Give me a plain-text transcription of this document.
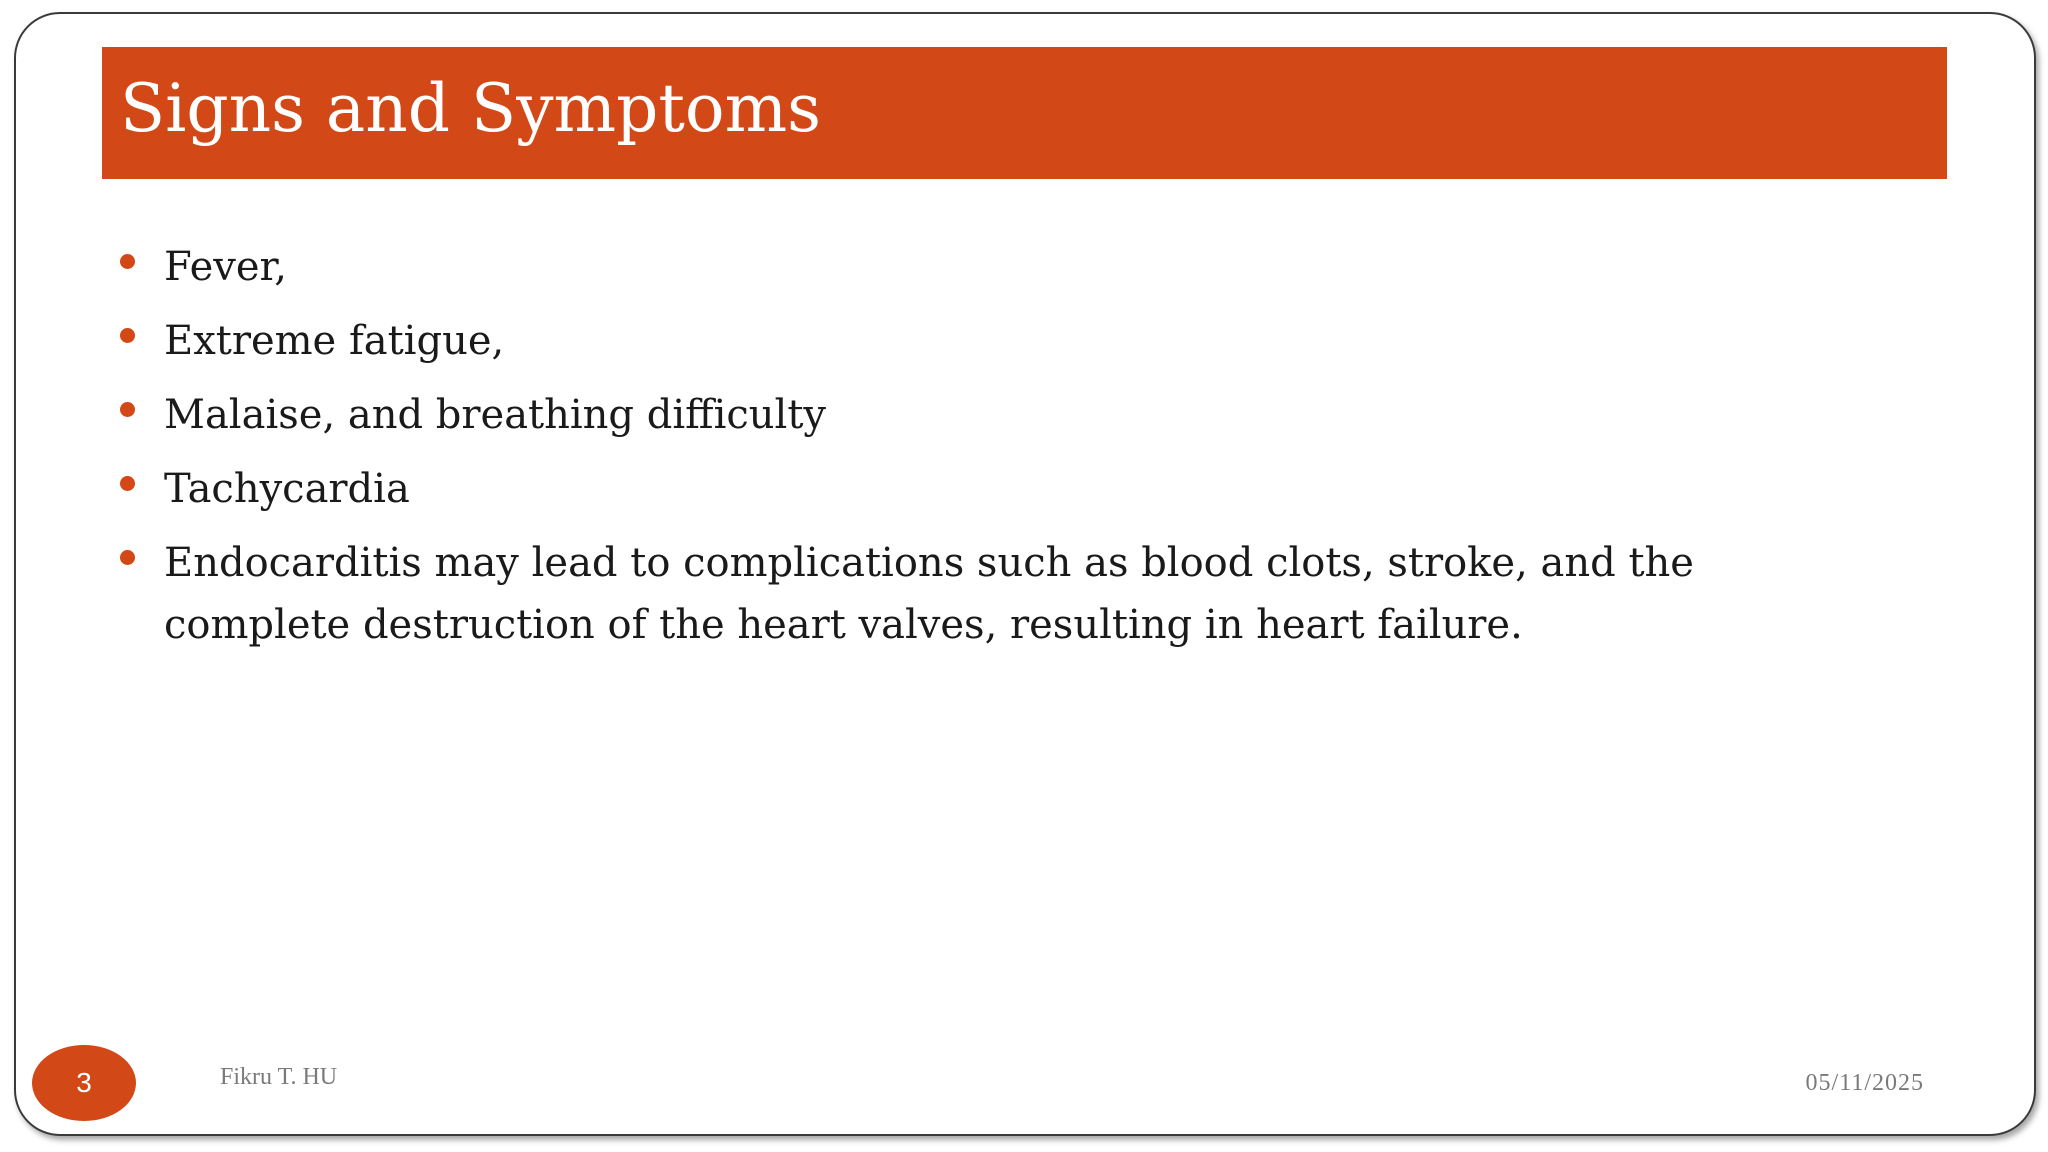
Signs and Symptoms
Fever,
Extreme fatigue,
Malaise, and breathing difficulty
Tachycardia
Endocarditis may lead to complications such as blood clots, stroke, and the complete destruction of the heart valves, resulting in heart failure.
3	Fikru T. HU	05/11/2025
